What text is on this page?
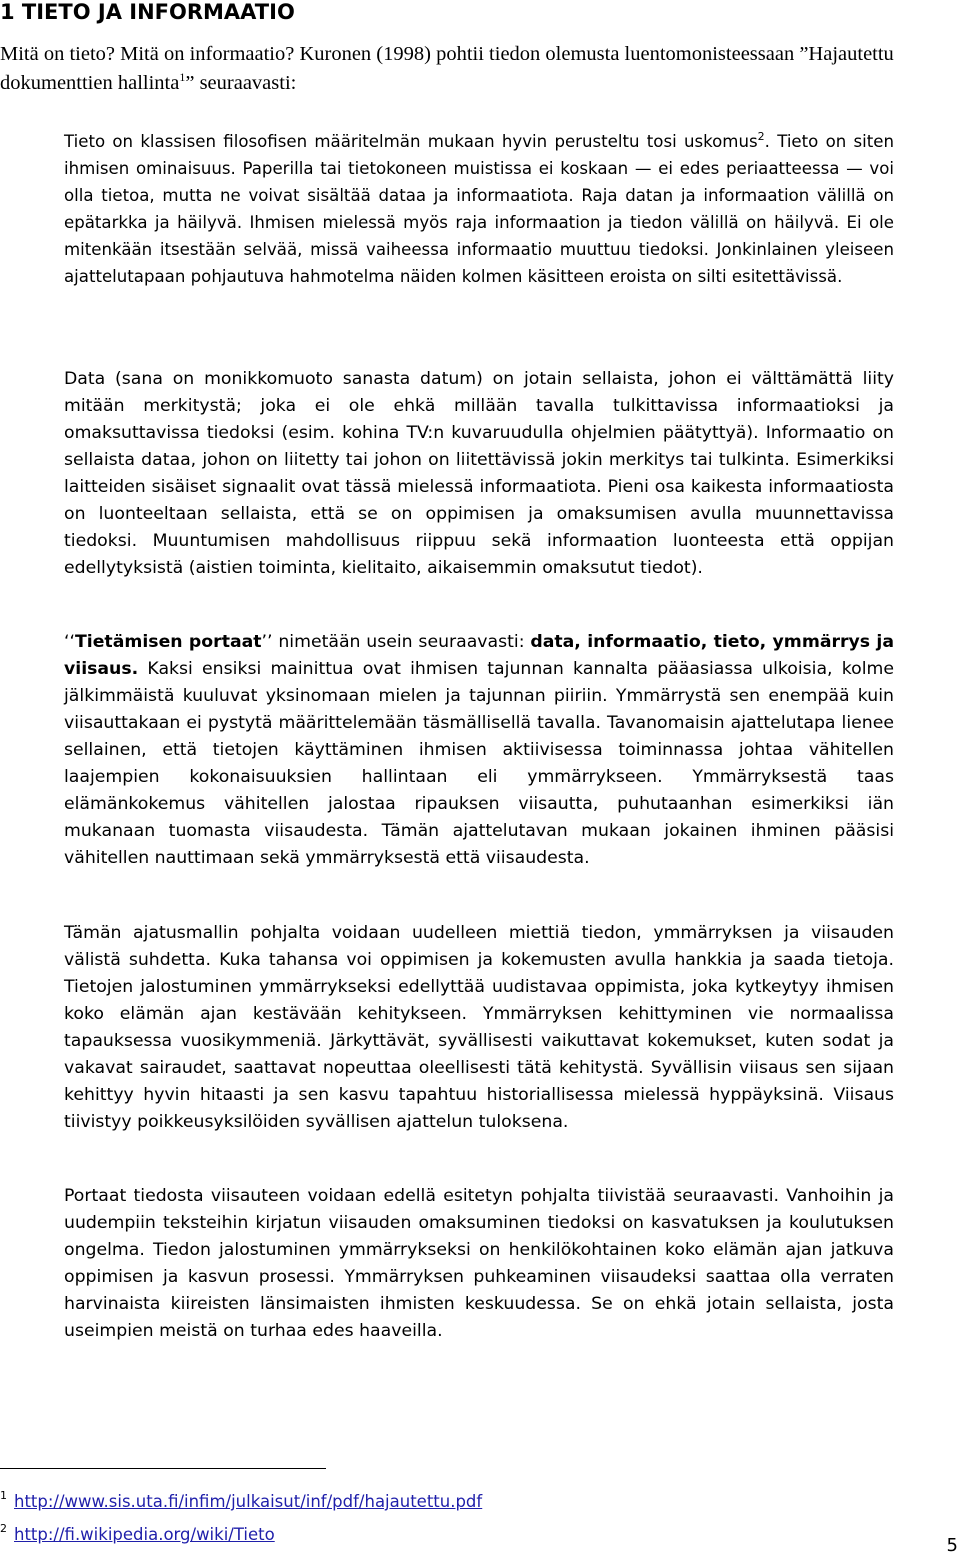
1 TIETO JA INFORMAATIO

Mitä on tieto? Mitä on informaatio? Kuronen (1998) pohtii tiedon olemusta luentomonisteessaan ”Hajautettu dokumenttien hallinta$^1$” seuraavasti:

Tieto on klassisen filosofisen määritelmän mukaan hyvin perusteltu tosi uskomus$^2$. Tieto on siten ihmisen ominaisuus. Paperilla tai tietokoneen muistissa ei koskaan — ei edes periaatteessa — voi olla tietoa, mutta ne voivat sisältää dataa ja informaatiota. Raja datan ja informaation välillä on epätarkka ja häilyvä. Ihmisen mielessä myös raja informaation ja tiedon välillä on häilyvä. Ei ole mitenkään itsestään selvää, missä vaiheessa informaatio muuttuu tiedoksi. Jonkinlainen yleiseen ajattelutapaan pohjautuva hahmotelma näiden kolmen käsitteen eroista on silti esitettävissä.

Data (sana on monikkomuoto sanasta datum) on jotain sellaista, johon ei välttämättä liity mitään merkitystä; joka ei ole ehkä millään tavalla tulkittavissa informaatioksi ja omaksuttavissa tiedoksi (esim. kohina TV:n kuvaruudulla ohjelmien päätyttyä). Informaatio on sellaista dataa, johon on liitetty tai johon on liitettävissä jokin merkitys tai tulkinta. Esimerkiksi laitteiden sisäiset signaalit ovat tässä mielessä informaatiota. Pieni osa kaikesta informaatiosta on luonteeltaan sellaista, että se on oppimisen ja omaksumisen avulla muunnettavissa tiedoksi. Muuntumisen mahdollisuus riippuu sekä informaation luonteesta että oppijan edellytyksistä (aistien toiminta, kielitaito, aikaisemmin omaksutut tiedot).

‘‘Tietämisen portaat’’ nimetään usein seuraavasti: data, informaatio, tieto, ymmärrys ja viisaus. Kaksi ensiksi mainittua ovat ihmisen tajunnan kannalta pääasiassa ulkoisia, kolme jälkimmäistä kuuluvat yksinomaan mielen ja tajunnan piiriin. Ymmärrystä sen enempää kuin viisauttakaan ei pystytä määrittelemään täsmällisellä tavalla. Tavanomaisin ajattelutapa lienee sellainen, että tietojen käyttäminen ihmisen aktiivisessa toiminnassa johtaa vähitellen laajempien kokonaisuuksien hallintaan eli ymmärrykseen. Ymmärryksestä taas elämänkokemus vähitellen jalostaa ripauksen viisautta, puhutaanhan esimerkiksi iän mukanaan tuomasta viisaudesta. Tämän ajattelutavan mukaan jokainen ihminen pääsisi vähitellen nauttimaan sekä ymmärryksestä että viisaudesta.

Tämän ajatusmallin pohjalta voidaan uudelleen miettiä tiedon, ymmärryksen ja viisauden välistä suhdetta. Kuka tahansa voi oppimisen ja kokemusten avulla hankkia ja saada tietoja. Tietojen jalostuminen ymmärrykseksi edellyttää uudistavaa oppimista, joka kytkeytyy ihmisen koko elämän ajan kestävään kehitykseen. Ymmärryksen kehittyminen vie normaalissa tapauksessa vuosikymmeniä. Järkyttävät, syvällisesti vaikuttavat kokemukset, kuten sodat ja vakavat sairaudet, saattavat nopeuttaa oleellisesti tätä kehitystä. Syvällisin viisaus sen sijaan kehittyy hyvin hitaasti ja sen kasvu tapahtuu historiallisessa mielessä hyppäyksinä. Viisaus tiivistyy poikkeusyksilöiden syvällisen ajattelun tuloksena.

Portaat tiedosta viisauteen voidaan edellä esitetyn pohjalta tiivistää seuraavasti. Vanhoihin ja uudempiin teksteihin kirjatun viisauden omaksuminen tiedoksi on kasvatuksen ja koulutuksen ongelma. Tiedon jalostuminen ymmärrykseksi on henkilökohtainen koko elämän ajan jatkuva oppimisen ja kasvun prosessi. Ymmärryksen puhkeaminen viisaudeksi saattaa olla verraten harvinaista kiireisten länsimaisten ihmisten keskuudessa. Se on ehkä jotain sellaista, josta useimpien meistä on turhaa edes haaveilla.

1 http://www.sis.uta.fi/infim/julkaisut/inf/pdf/hajautettu.pdf
2 http://fi.wikipedia.org/wiki/Tieto
5
